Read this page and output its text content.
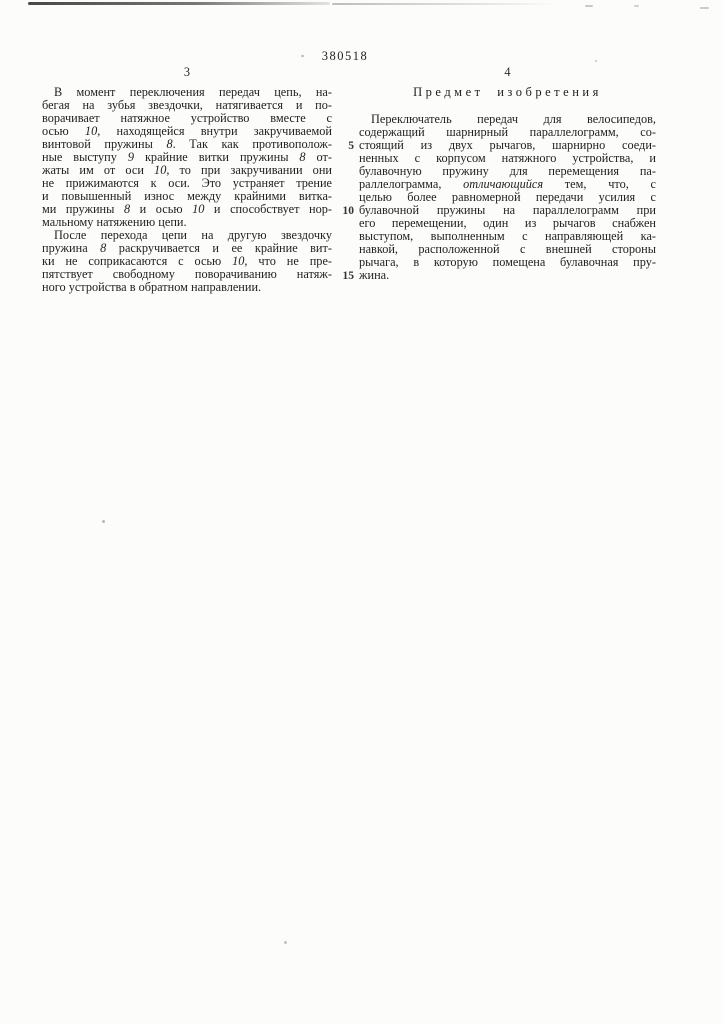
380518
3	4
В момент переключения передач цепь, на-
бегая на зубья звездочки, натягивается и по-
ворачивает натяжное устройство вместе с
осью 10, находящейся внутри закручиваемой
винтовой пружины 8. Так как противополож-
ные выступу 9 крайние витки пружины 8 от-
жаты им от оси 10, то при закручивании они
не прижимаются к оси. Это устраняет трение
и повышенный износ между крайними витка-
ми пружины 8 и осью 10 и способствует нор-
мальному натяжению цепи.
После перехода цепи на другую звездочку
пружина 8 раскручивается и ее крайние вит-
ки не соприкасаются с осью 10, что не пре-
пятствует свободному поворачиванию натяж-
ного устройства в обратном направлении.
5
10
15
Предмет изобретения
Переключатель передач для велосипедов,
содержащий шарнирный параллелограмм, со-
стоящий из двух рычагов, шарнирно соеди-
ненных с корпусом натяжного устройства, и
булавочную пружину для перемещения па-
раллелограмма, отличающийся тем, что, с
целью более равномерной передачи усилия с
булавочной пружины на параллелограмм при
его перемещении, один из рычагов снабжен
выступом, выполненным с направляющей ка-
навкой, расположенной с внешней стороны
рычага, в которую помещена булавочная пру-
жина.
